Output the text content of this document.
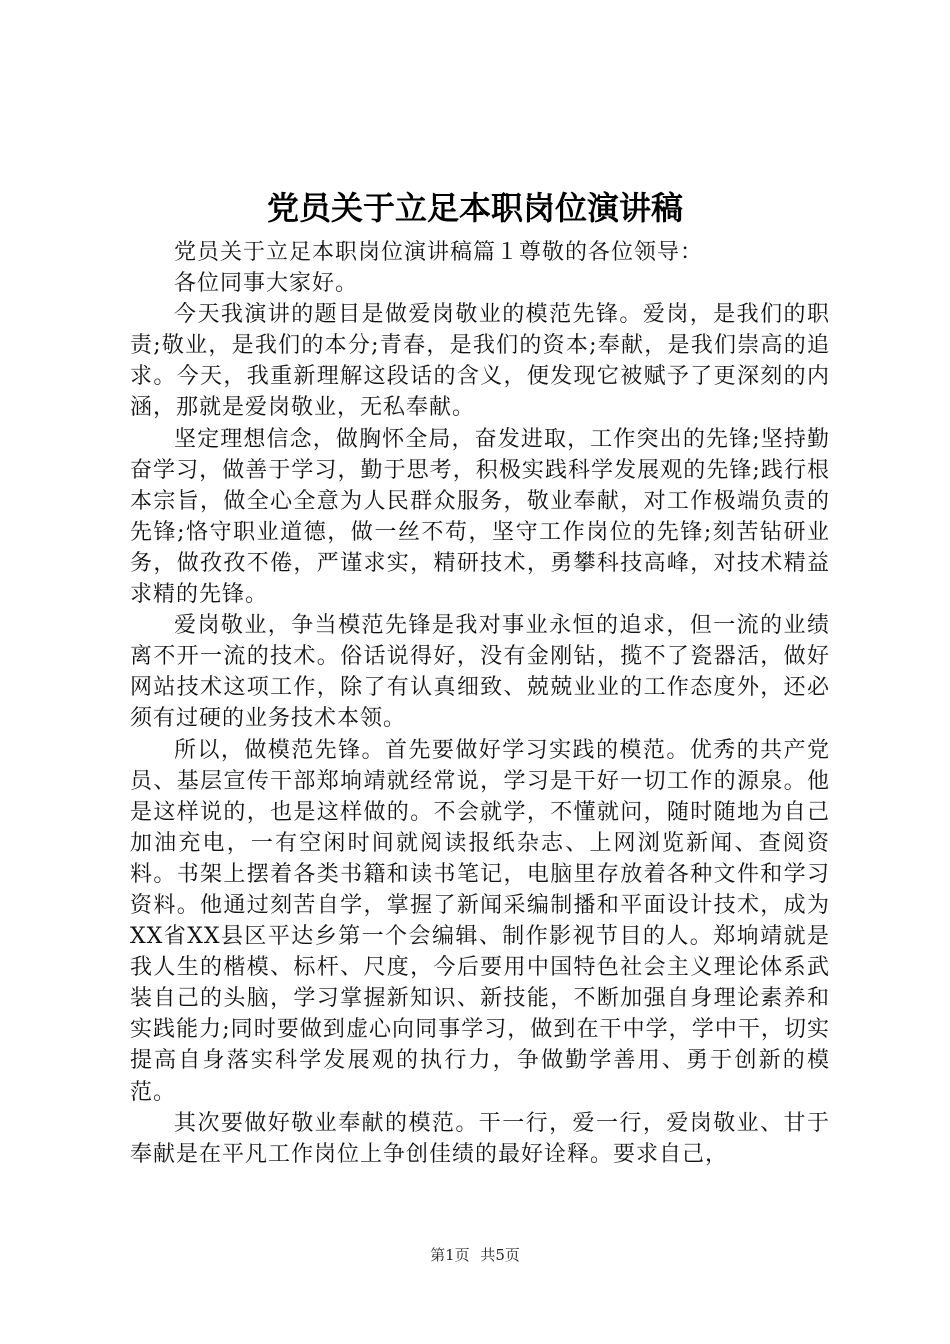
党员关于立足本职岗位演讲稿

党员关于立足本职岗位演讲稿篇１尊敬的各位领导：

各位同事大家好。

今天我演讲的题目是做爱岗敬业的模范先锋。爱岗，是我们的职责;敬业，是我们的本分;青春，是我们的资本;奉献，是我们崇高的追求。今天，我重新理解这段话的含义，便发现它被赋予了更深刻的内涵，那就是爱岗敬业，无私奉献。

坚定理想信念，做胸怀全局，奋发进取，工作突出的先锋;坚持勤奋学习，做善于学习，勤于思考，积极实践科学发展观的先锋;践行根本宗旨，做全心全意为人民群众服务，敬业奉献，对工作极端负责的先锋;恪守职业道德，做一丝不苟，坚守工作岗位的先锋;刻苦钻研业务，做孜孜不倦，严谨求实，精研技术，勇攀科技高峰，对技术精益求精的先锋。

爱岗敬业，争当模范先锋是我对事业永恒的追求，但一流的业绩离不开一流的技术。俗话说得好，没有金刚钻，揽不了瓷器活，做好网站技术这项工作，除了有认真细致、兢兢业业的工作态度外，还必须有过硬的业务技术本领。

所以，做模范先锋。首先要做好学习实践的模范。优秀的共产党员、基层宣传干部郑垧靖就经常说，学习是干好一切工作的源泉。他是这样说的，也是这样做的。不会就学，不懂就问，随时随地为自己加油充电，一有空闲时间就阅读报纸杂志、上网浏览新闻、查阅资料。书架上摆着各类书籍和读书笔记，电脑里存放着各种文件和学习资料。他通过刻苦自学，掌握了新闻采编制播和平面设计技术，成为XX省XX县区平达乡第一个会编辑、制作影视节目的人。郑垧靖就是我人生的楷模、标杆、尺度，今后要用中国特色社会主义理论体系武装自己的头脑，学习掌握新知识、新技能，不断加强自身理论素养和实践能力;同时要做到虚心向同事学习，做到在干中学，学中干，切实提高自身落实科学发展观的执行力，争做勤学善用、勇于创新的模范。

其次要做好敬业奉献的模范。干一行，爱一行，爱岗敬业、甘于奉献是在平凡工作岗位上争创佳绩的最好诠释。要求自己，

第1页 共5页
